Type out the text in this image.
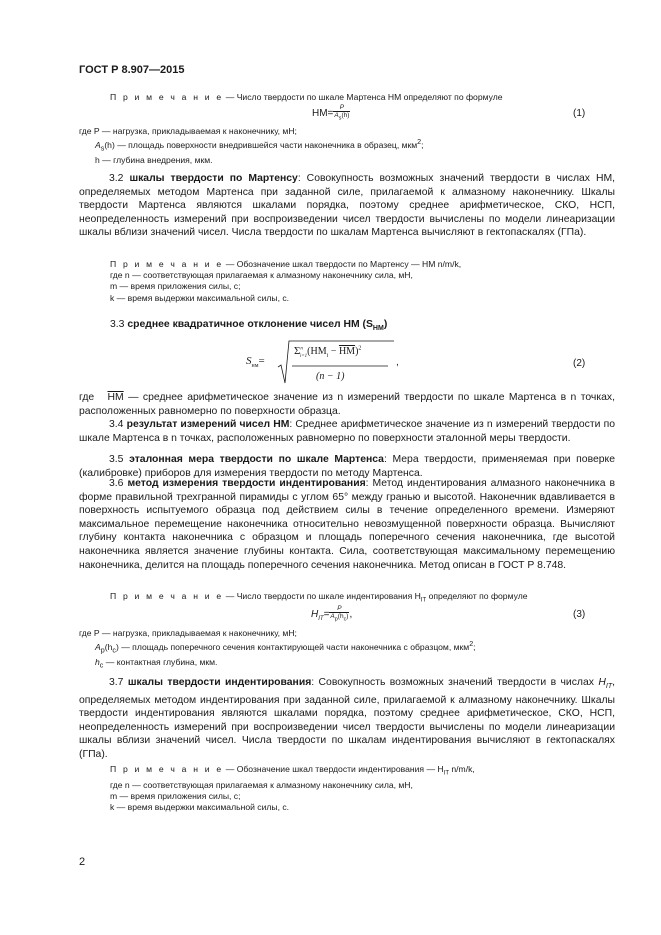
ГОСТ Р 8.907—2015
П р и м е ч а н и е — Число твердости по шкале Мартенса НМ определяют по формуле
$НМ= \frac{P}{A_s(h)}$	(1)
где P — нагрузка, прикладываемая к наконечнику, мН;
$A_s(h)$ — площадь поверхности внедрившейся части наконечника в образец, мкм$^2$;
h — глубина внедрения, мкм.
3.2 шкалы твердости по Мартенсу: Совокупность возможных значений твердости в числах НМ, определяемых методом Мартенса при заданной силе, прилагаемой к алмазному наконечнику. Шкалы твердости Мартенса являются шкалами порядка, поэтому среднее арифметическое, СКО, НСП, неопределенность измерений при воспроизведении чисел твердости вычислены по модели линеаризации шкалы вблизи значений чисел. Числа твердости по шкалам Мартенса вычисляют в гектопаскалях (ГПа).
П р и м е ч а н и е — Обозначение шкал твердости по Мартенсу — НМ n/m/k,
где n — соответствующая прилагаемая к алмазному наконечнику сила, мН,
m — время приложения силы, с;
k — время выдержки максимальной силы, с.
3.3 среднее квадратичное отклонение чисел НМ $(S_{НМ})$
$S_{нм}=$
$\Sigma^n_{i=1}(HM_i - \overline{HM})^2$
(n − 1)
,	(2)
где $\overline{HM}$ — среднее арифметическое значение из n измерений твердости по шкале Мартенса в n точках, расположенных равномерно по поверхности образца.
3.4 результат измерений чисел НМ: Среднее арифметическое значение из n измерений твердости по шкале Мартенса в n точках, расположенных равномерно по поверхности эталонной меры твердости.
3.5 эталонная мера твердости по шкале Мартенса: Мера твердости, применяемая при поверке (калибровке) приборов для измерения твердости по методу Мартенса.
3.6 метод измерения твердости индентирования: Метод индентирования алмазного наконечника в форме правильной трехгранной пирамиды с углом 65° между гранью и высотой. Наконечник вдавливается в поверхность испытуемого образца под действием силы в течение определенного времени. Измеряют максимальное перемещение наконечника относительно невозмущенной поверхности образца. Вычисляют глубину контакта наконечника с образцом и площадь поперечного сечения наконечника, где высотой наконечника является значение глубины контакта. Сила, соответствующая максимальному перемещению наконечника, делится на площадь поперечного сечения наконечника. Метод описан в ГОСТ Р 8.748.
П р и м е ч а н и е — Число твердости по шкале индентирования $H_{IT}$ определяют по формуле
$H_{IT}= \frac{P}{A_p(h_c)}$ ,	(3)
где P — нагрузка, прикладываемая к наконечнику, мН;
$A_p(h_c)$ — площадь поперечного сечения контактирующей части наконечника с образцом, мкм$^2$;
$h_c$ — контактная глубина, мкм.
3.7 шкалы твердости индентирования: Совокупность возможных значений твердости в числах $H_{IT}$, определяемых методом индентирования при заданной силе, прилагаемой к алмазному наконечнику. Шкалы твердости индентирования являются шкалами порядка, поэтому среднее арифметическое, СКО, НСП, неопределенность измерений при воспроизведении чисел твердости вычислены по модели линеаризации шкалы вблизи значений чисел. Числа твердости по шкалам индентирования вычисляют в гектопаскалях (ГПа).
П р и м е ч а н и е — Обозначение шкал твердости индентирования — $H_{IT}$ n/m/k,
где n — соответствующая прилагаемая к алмазному наконечнику сила, мН,
m — время приложения силы, с;
k — время выдержки максимальной силы, с.
2
